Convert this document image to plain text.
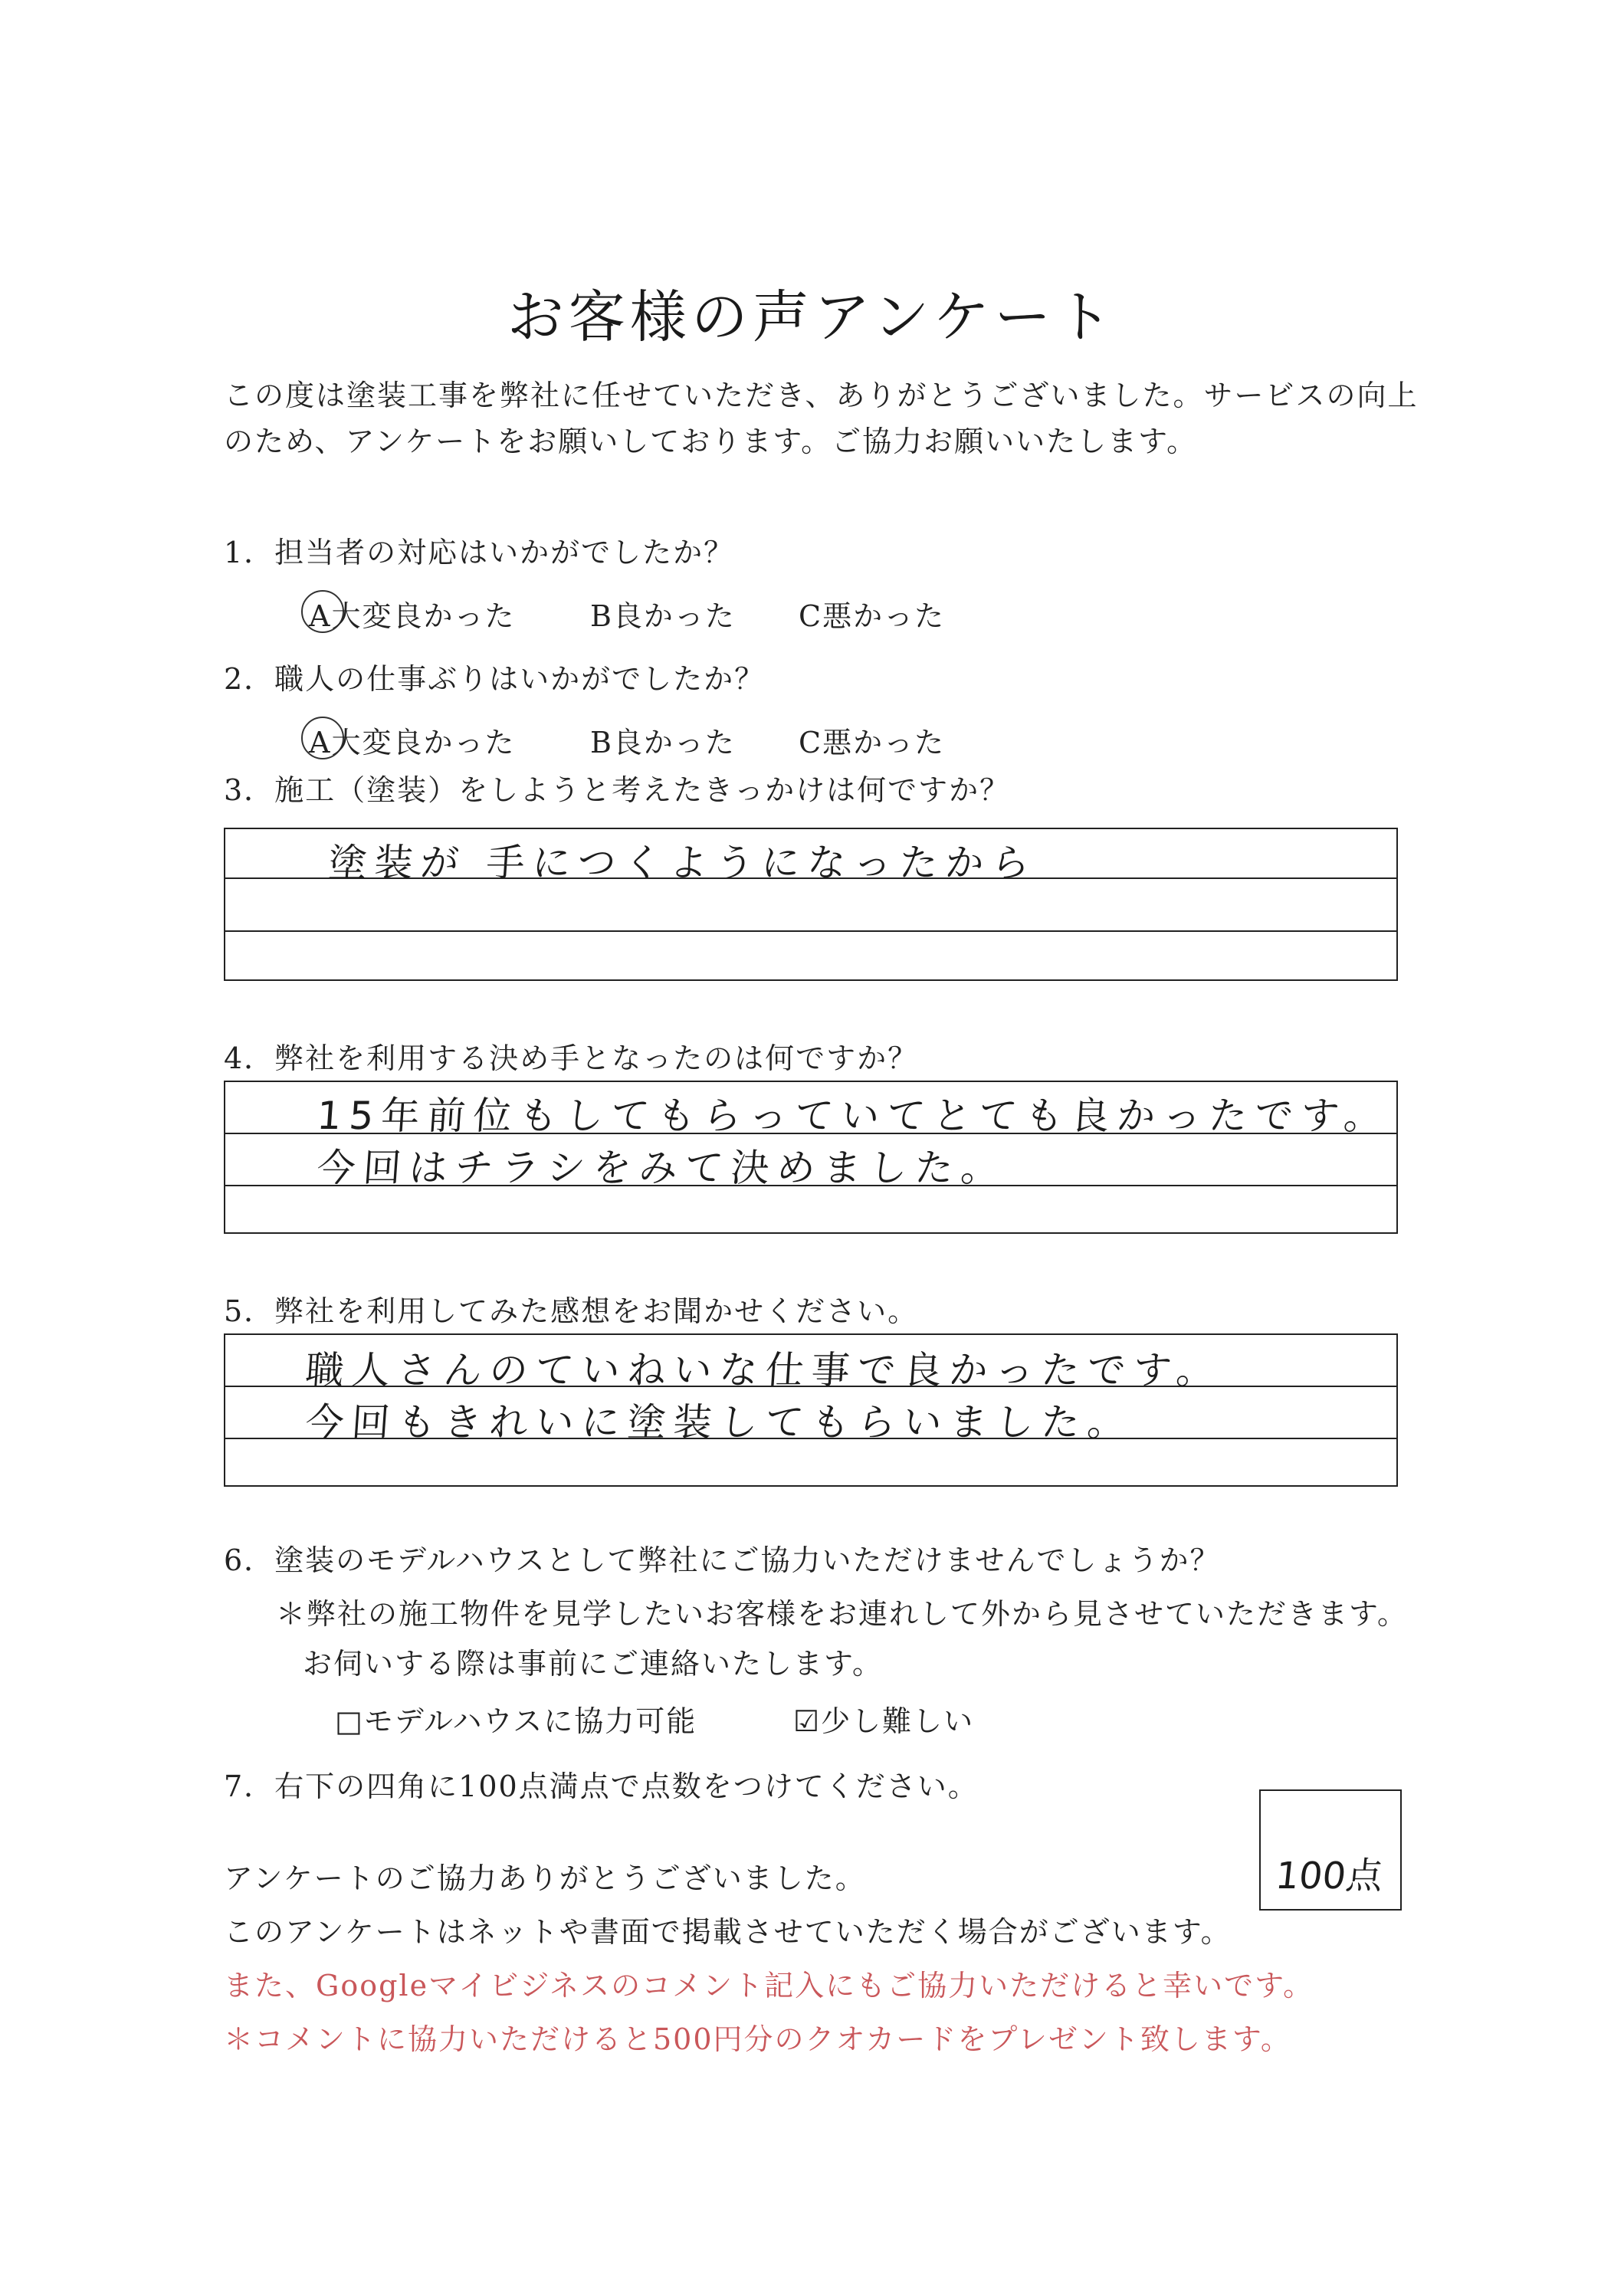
お客様の声アンケート
この度は塗装工事を弊社に任せていただき、ありがとうございました。サービスの向上
のため、アンケートをお願いしております。ご協力お願いいたします。
1．担当者の対応はいかがでしたか？
A大変良かった	B良かった C悪かった
2．職人の仕事ぶりはいかがでしたか？
A大変良かった	B良かった C悪かった
3．施工（塗装）をしようと考えたきっかけは何ですか？
塗装が 手につくようになったから
4．弊社を利用する決め手となったのは何ですか？
15年前位もしてもらっていてとても良かったです。
今回はチラシをみて決めました。
5．弊社を利用してみた感想をお聞かせください。
職人さんのていねいな仕事で良かったです。
今回もきれいに塗装してもらいました。
6．塗装のモデルハウスとして弊社にご協力いただけませんでしょうか？
＊弊社の施工物件を見学したいお客様をお連れして外から見させていただきます。
お伺いする際は事前にご連絡いたします。
□モデルハウスに協力可能	☑少し難しい
7．右下の四角に100点満点で点数をつけてください。
100点
アンケートのご協力ありがとうございました。
このアンケートはネットや書面で掲載させていただく場合がございます。
また、Googleマイビジネスのコメント記入にもご協力いただけると幸いです。
＊コメントに協力いただけると500円分のクオカードをプレゼント致します。
